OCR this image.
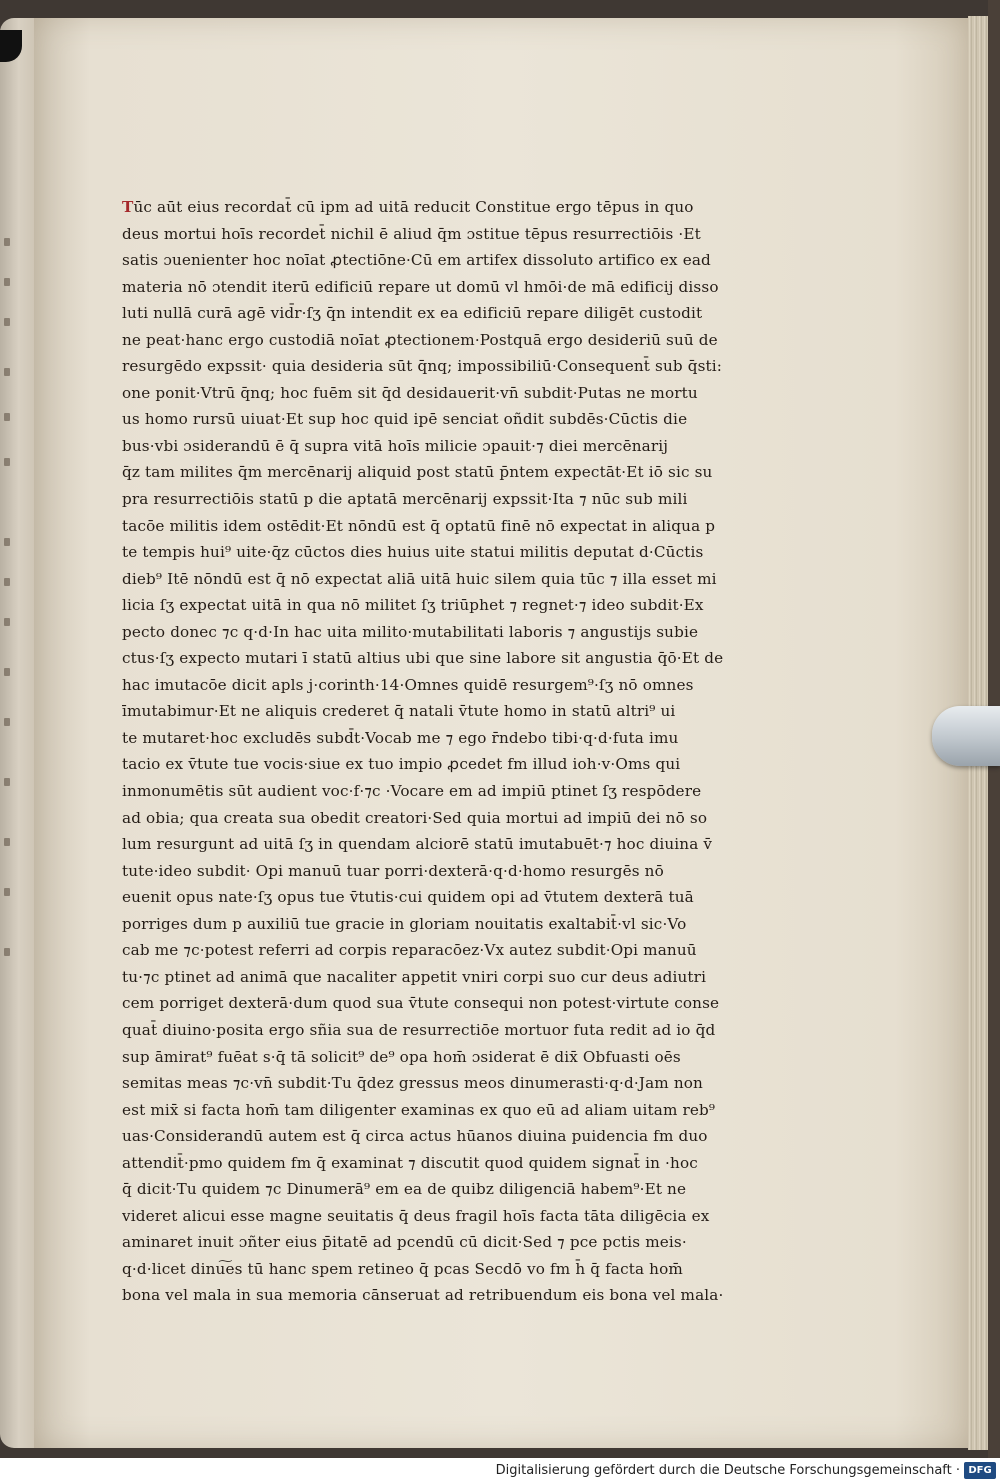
Tūc aūt eius recordat̄ cū ipm ad uitā reducit Constitue ergo tēpus in quo
deus mortui hoīs recordet̄ nichil ē aliud q̄m ɔstitue tēpus resurrectiōis ·Et
satis ɔuenienter hoc noīat ꝓtectiōne·Cū em artifex dissoluto artifico ex ead
materia nō ɔtendit iterū edificiū repare ut domū vl hmōi·de mā edificij disso
luti nullā curā agē vid̄r·ſʒ q̄n intendit ex ea edificiū repare diligēt custodit
ne peat·hanc ergo custodiā noīat ꝓtectionem·Postquā ergo desideriū suū de
resurgēdo expssit· quia desideria sūt q̄nq; impossibiliū·Consequent̄ sub q̄sti:
one ponit·Vtrū q̄nq; hoc fuēm sit q̄d desidauerit·vn̄ subdit·Putas ne mortu
us homo rursū uiuat·Et sup hoc quid ipē senciat oñdit subdēs·Cūctis die
bus·vbi ɔsiderandū ē q̄ supra vitā hoīs milicie ɔpauit·⁊ diei mercēnarij
q̄z tam milites q̄m mercēnarij aliquid post statū p̄ntem expectāt·Et iō sic su
pra resurrectiōis statū p die aptatā mercēnarij expssit·Ita ⁊ nūc sub mili
tacōe militis idem ostēdit·Et nōndū est q̄ optatū finē nō expectat in aliqua p
te tempis hui⁹ uite·q̄z cūctos dies huius uite statui militis deputat d·Cūctis
dieb⁹ Itē nōndū est q̄ nō expectat aliā uitā huic silem quia tūc ⁊ illa esset mi
licia ſʒ expectat uitā in qua nō militet ſʒ triūphet ⁊ regnet·⁊ ideo subdit·Ex
pecto donec ⁊c q·d·In hac uita milito·mutabilitati laboris ⁊ angustijs subie
ctus·ſʒ expecto mutari ī statū altius ubi que sine labore sit angustia q̄ō·Et de
hac imutacōe dicit apls j·corinth·14·Omnes quidē resurgem⁹·ſʒ nō omnes
īmutabimur·Et ne aliquis crederet q̄ natali v̄tute homo in statū altri⁹ ui
te mutaret·hoc excludēs subd̄t·Vocab me ⁊ ego r̄ndebo tibi·q·d·futa imu
tacio ex v̄tute tue vocis·siue ex tuo impio ꝓcedet fm illud ioh·v·Oms qui
inmonumētis sūt audient voc·f·⁊c ·Vocare em ad impiū ptinet ſʒ respōdere
ad obia; qua creata sua obedit creatori·Sed quia mortui ad impiū dei nō so
lum resurgunt ad uitā ſʒ in quendam alciorē statū imutabuēt·⁊ hoc diuina v̄
tute·ideo subdit· Opi manuū tuar porri·dexterā·q·d·homo resurgēs nō
euenit opus nate·ſʒ opus tue v̄tutis·cui quidem opi ad v̄tutem dexterā tuā
porriges dum p auxiliū tue gracie in gloriam nouitatis exaltabit̄·vl sic·Vo
cab me ⁊c·potest referri ad corpis reparacōez·Vx autez subdit·Opi manuū
tu·⁊c ptinet ad animā que nacaliter appetit vniri corpi suo cur deus adiutri
cem porriget dexterā·dum quod sua v̄tute consequi non potest·virtute conse
quat̄ diuino·posita ergo sñia sua de resurrectiōe mortuor futa redit ad io q̄d
sup āmirat⁹ fuēat s·q̄ tā solicit⁹ de⁹ opa hom̄ ɔsiderat ē dix̄ Obfuasti oēs
semitas meas ⁊c·vn̄ subdit·Tu q̄dez gressus meos dinumerasti·q·d·Jam non
est mix̄ si facta hom̄ tam diligenter examinas ex quo eū ad aliam uitam reb⁹
uas·Considerandū autem est q̄ circa actus hūanos diuina puidencia fm duo
attendit̄·pmo quidem fm q̄ examinat ⁊ discutit quod quidem signat̄ in ·hoc
q̄ dicit·Tu quidem ⁊c Dinumerā⁹ em ea de quibz diligenciā habem⁹·Et ne
videret alicui esse magne seuitatis q̄ deus fragil hoīs facta tāta diligēcia ex
aminaret inuit ɔñter eius p̄itatē ad pcendū cū dicit·Sed ⁊ pce pctis meis·
q·d·licet dinu͠es tū hanc spem retineo q̄ pcas Secdō vo fm h̄ q̄ facta hom̄
bona vel mala in sua memoria cānseruat ad retribuendum eis bona vel mala·
Digitalisierung gefördert durch die Deutsche Forschungsgemeinschaft · DFG
